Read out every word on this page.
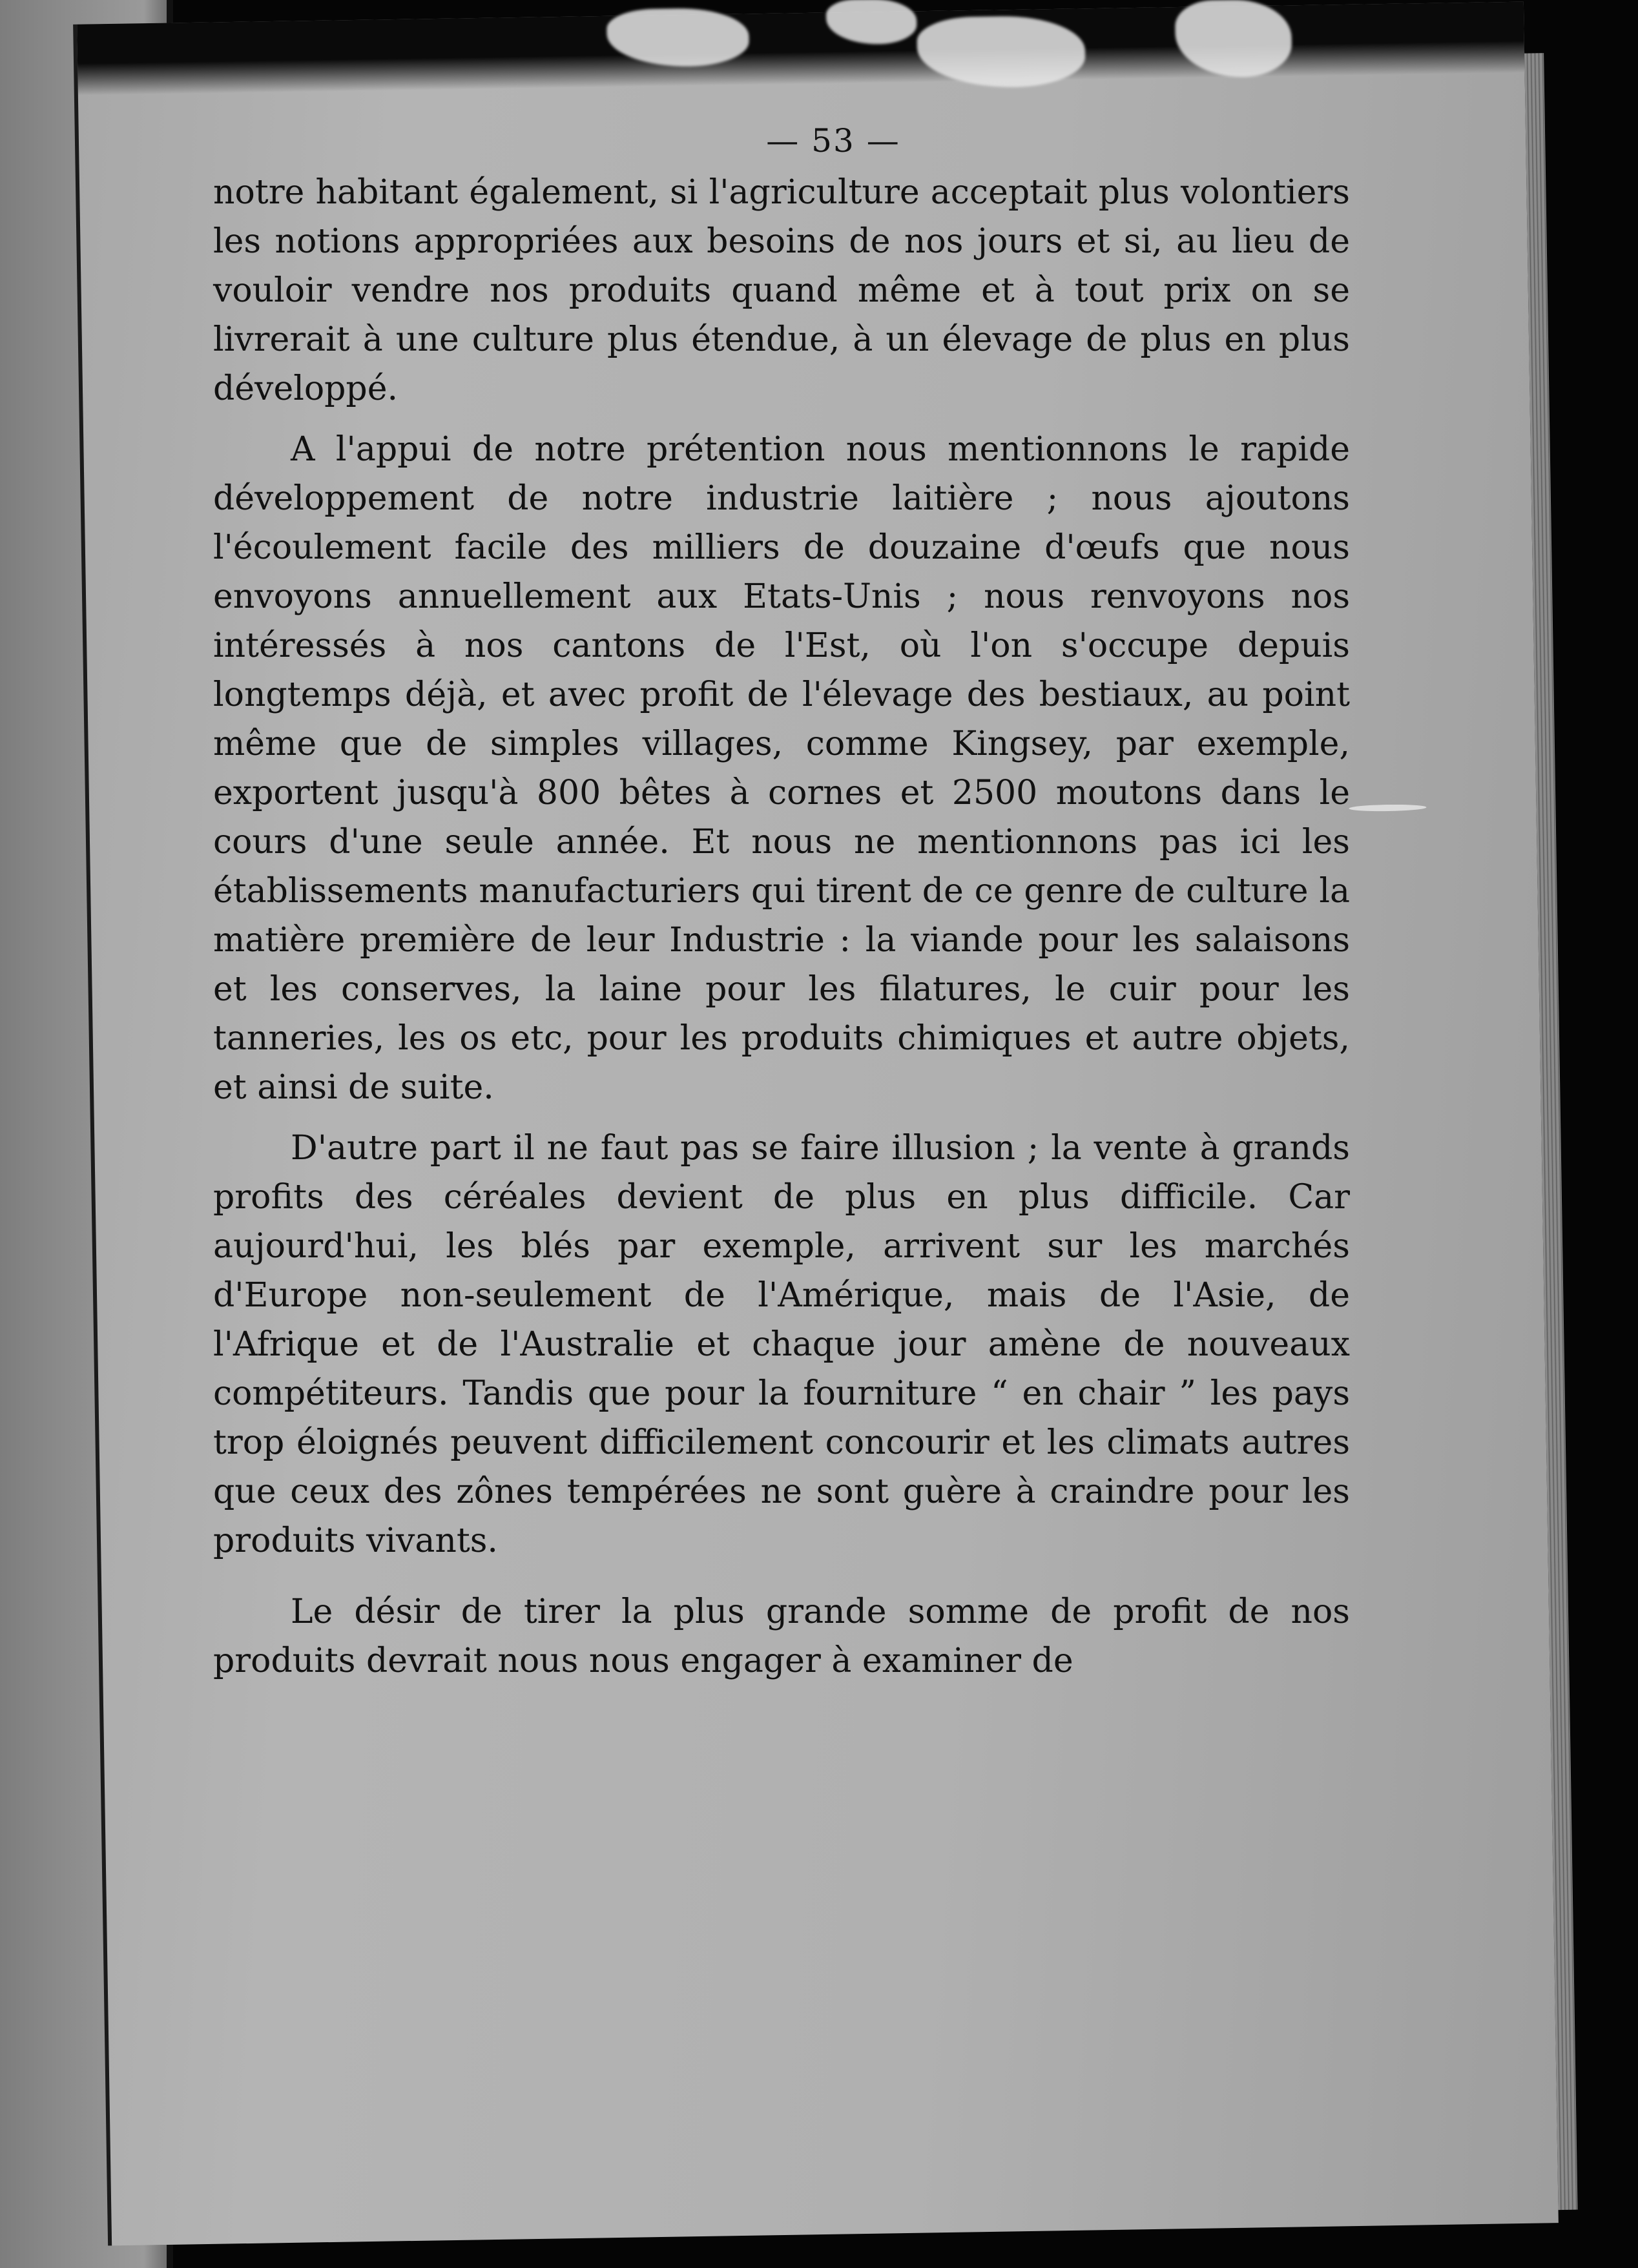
— 53 —

notre habitant également, si l'agriculture acceptait plus volontiers les notions appropriées aux besoins de nos jours et si, au lieu de vouloir vendre nos produits quand même et à tout prix on se livrerait à une culture plus étendue, à un élevage de plus en plus développé.

A l'appui de notre prétention nous mentionnons le rapide développement de notre industrie laitière ; nous ajoutons l'écoulement facile des milliers de douzaine d'œufs que nous envoyons annuellement aux Etats-Unis ; nous renvoyons nos intéressés à nos cantons de l'Est, où l'on s'occupe depuis longtemps déjà, et avec profit de l'élevage des bestiaux, au point même que de simples villages, comme Kingsey, par exemple, exportent jusqu'à 800 bêtes à cornes et 2500 moutons dans le cours d'une seule année. Et nous ne mentionnons pas ici les établissements manufacturiers qui tirent de ce genre de culture la matière première de leur Industrie : la viande pour les salaisons et les conserves, la laine pour les filatures, le cuir pour les tanneries, les os etc, pour les produits chimiques et autre objets, et ainsi de suite.

D'autre part il ne faut pas se faire illusion ; la vente à grands profits des céréales devient de plus en plus difficile. Car aujourd'hui, les blés par exemple, arrivent sur les marchés d'Europe non-seulement de l'Amérique, mais de l'Asie, de l'Afrique et de l'Australie et chaque jour amène de nouveaux compétiteurs. Tandis que pour la fourniture “ en chair ” les pays trop éloignés peuvent difficilement concourir et les climats autres que ceux des zônes tempérées ne sont guère à craindre pour les produits vivants.

Le désir de tirer la plus grande somme de profit de nos produits devrait nous nous engager à examiner de
